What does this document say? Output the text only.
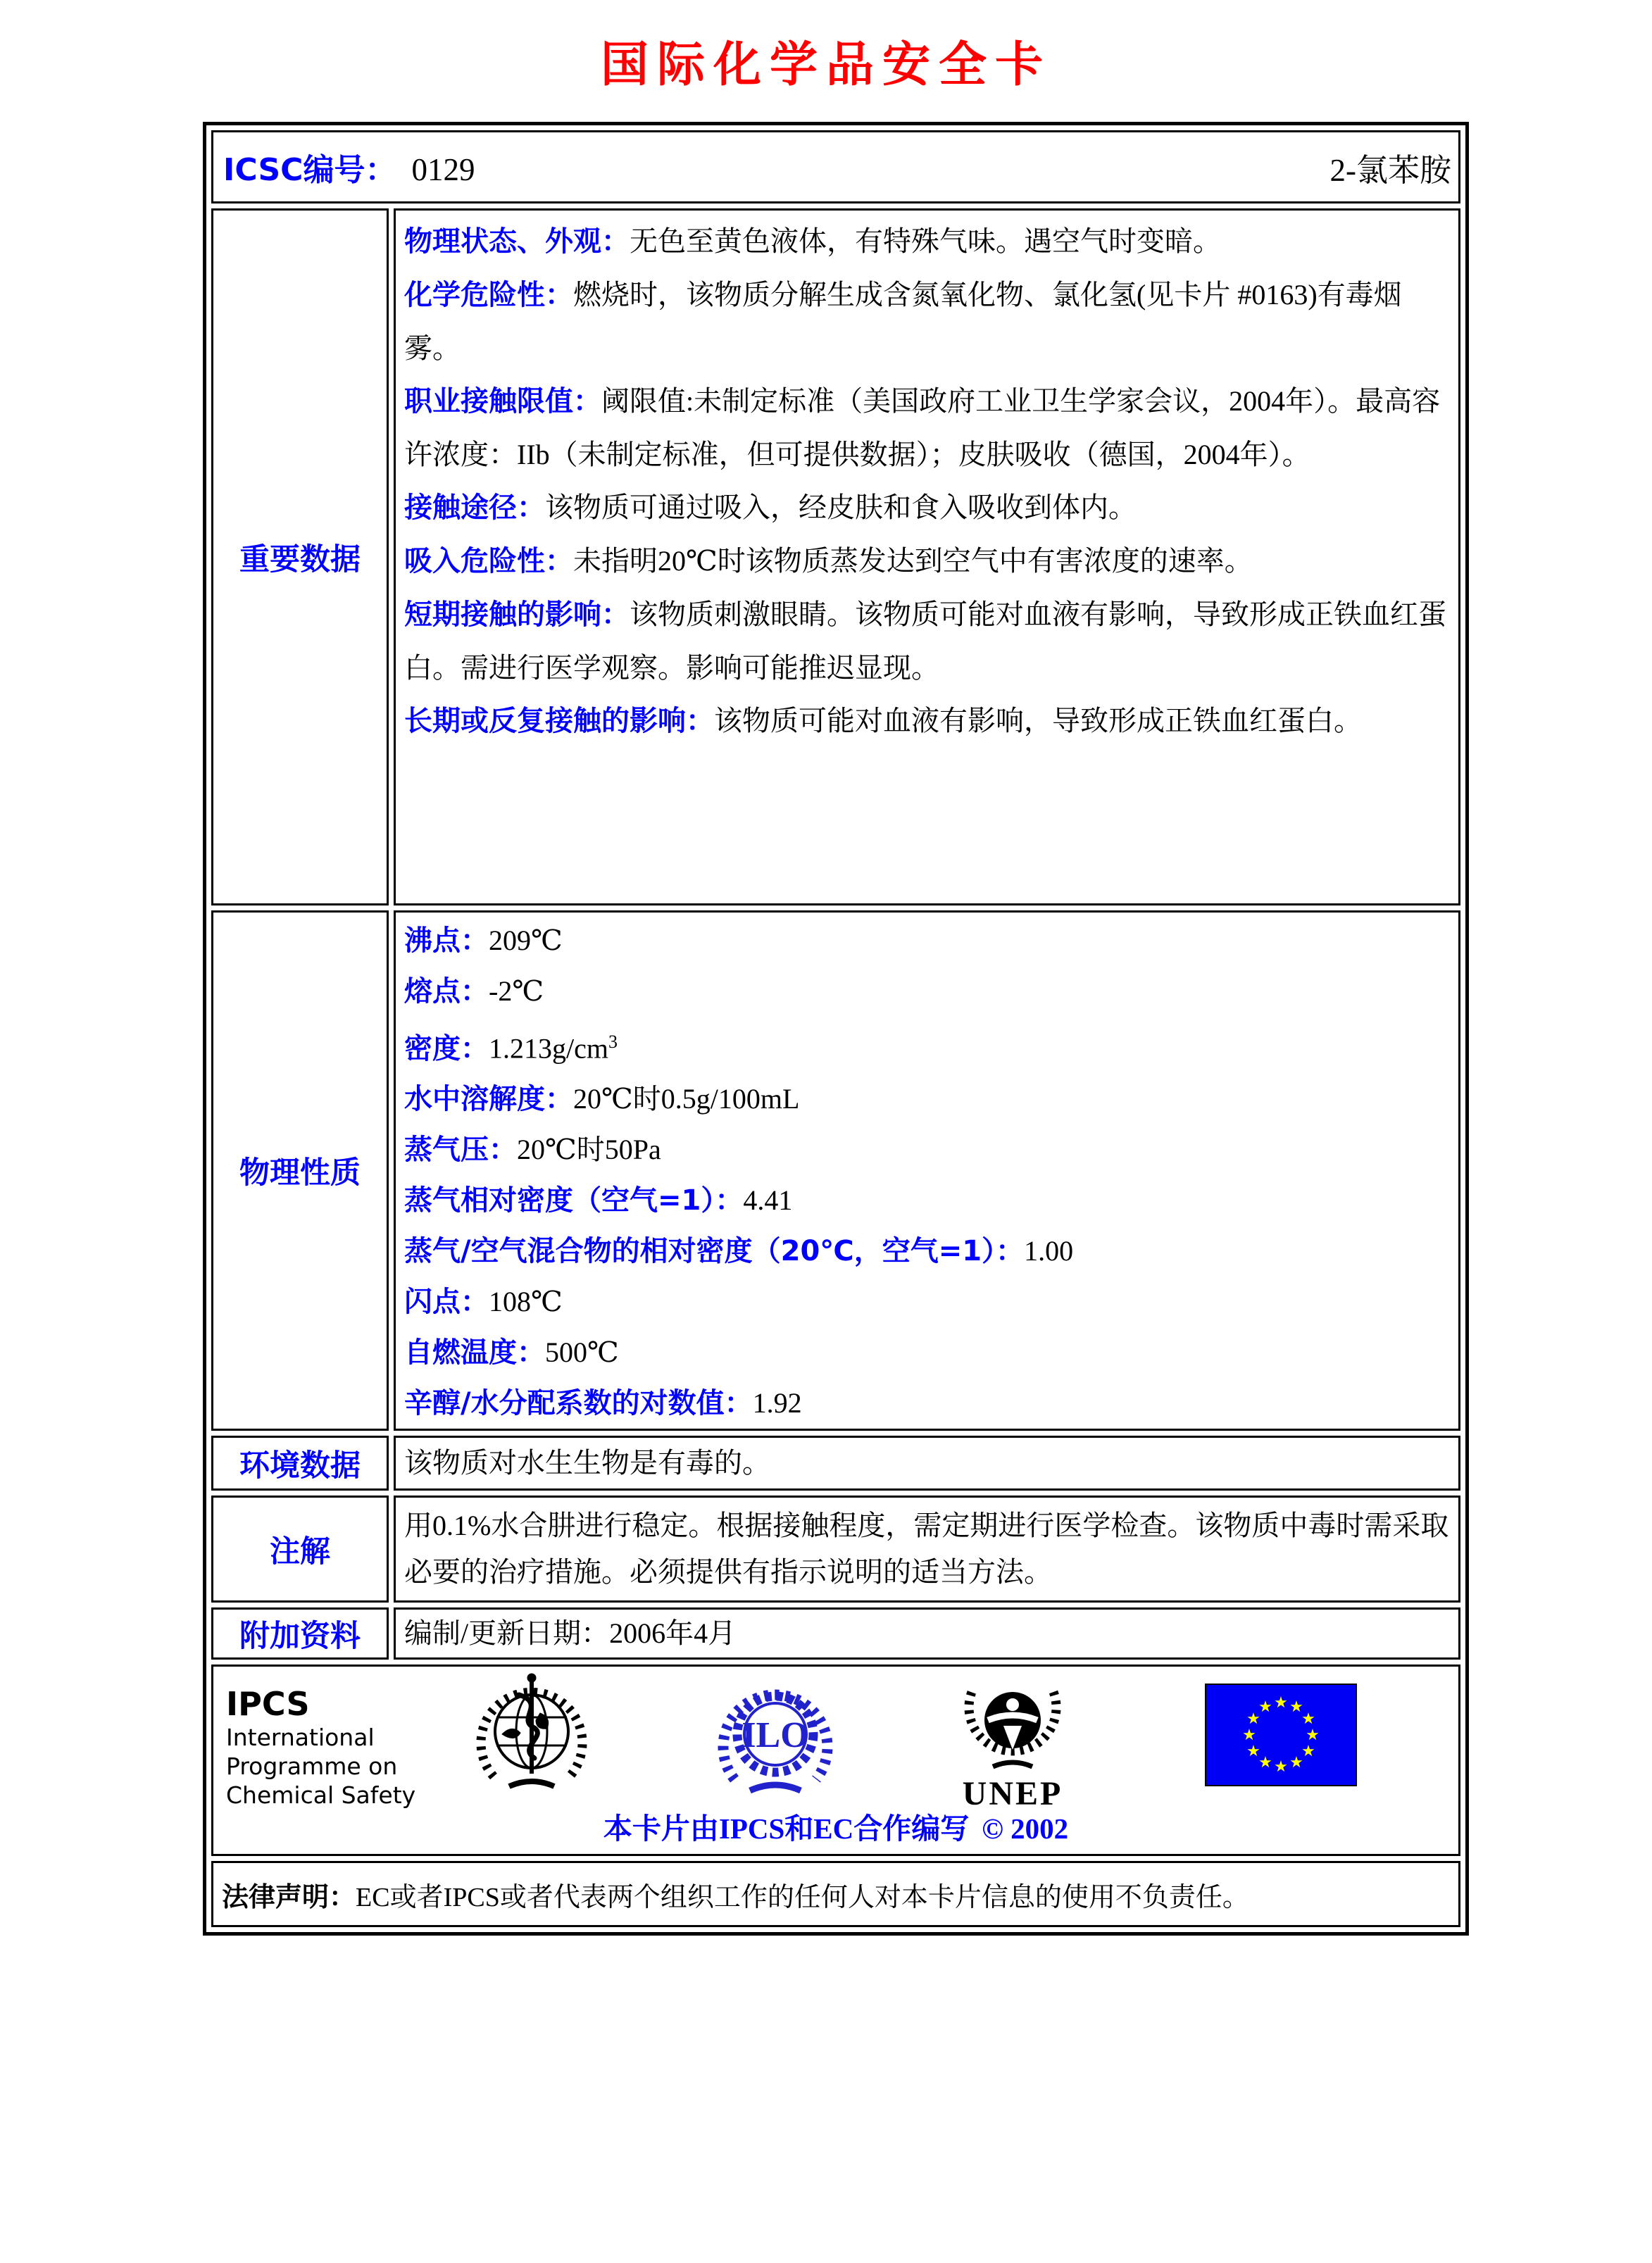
国际化学品安全卡
ICSC编号： 0129 2-氯苯胺	

重要数据	
物理状态、外观：无色至黄色液体，有特殊气味。遇空气时变暗。
化学危险性：燃烧时，该物质分解生成含氮氧化物、氯化氢(见卡片 #0163)有毒烟雾。
职业接触限值：阈限值:未制定标准（美国政府工业卫生学家会议，2004年）。最高容许浓度：IIb（未制定标准，但可提供数据）；皮肤吸收（德国，2004年）。
接触途径：该物质可通过吸入，经皮肤和食入吸收到体内。
吸入危险性：未指明20℃时该物质蒸发达到空气中有害浓度的速率。
短期接触的影响：该物质刺激眼睛。该物质可能对血液有影响，导致形成正铁血红蛋白。需进行医学观察。影响可能推迟显现。
长期或反复接触的影响：该物质可能对血液有影响，导致形成正铁血红蛋白。

物理性质	
沸点：209℃
熔点：-2℃
密度：$1.213g/cm^3$
水中溶解度：20℃时0.5g/100mL
蒸气压：20℃时50Pa
蒸气相对密度（空气=1）：4.41
蒸气/空气混合物的相对密度（20℃，空气=1）：1.00
闪点：108℃
自燃温度：500℃
辛醇/水分配系数的对数值：1.92

环境数据	该物质对水生生物是有毒的。

注解	用0.1%水合肼进行稳定。根据接触程度，需定期进行医学检查。该物质中毒时需采取必要的治疗措施。必须提供有指示说明的适当方法。

附加资料	编制/更新日期：2006年4月

IPCS
International
Programme on
Chemical Safety
ILO
UNEP
★ ★
★
★
★
★
★
★
★
★
★
★
本卡片由IPCS和EC合作编写 © 2002

法律声明：EC或者IPCS或者代表两个组织工作的任何人对本卡片信息的使用不负责任。	
